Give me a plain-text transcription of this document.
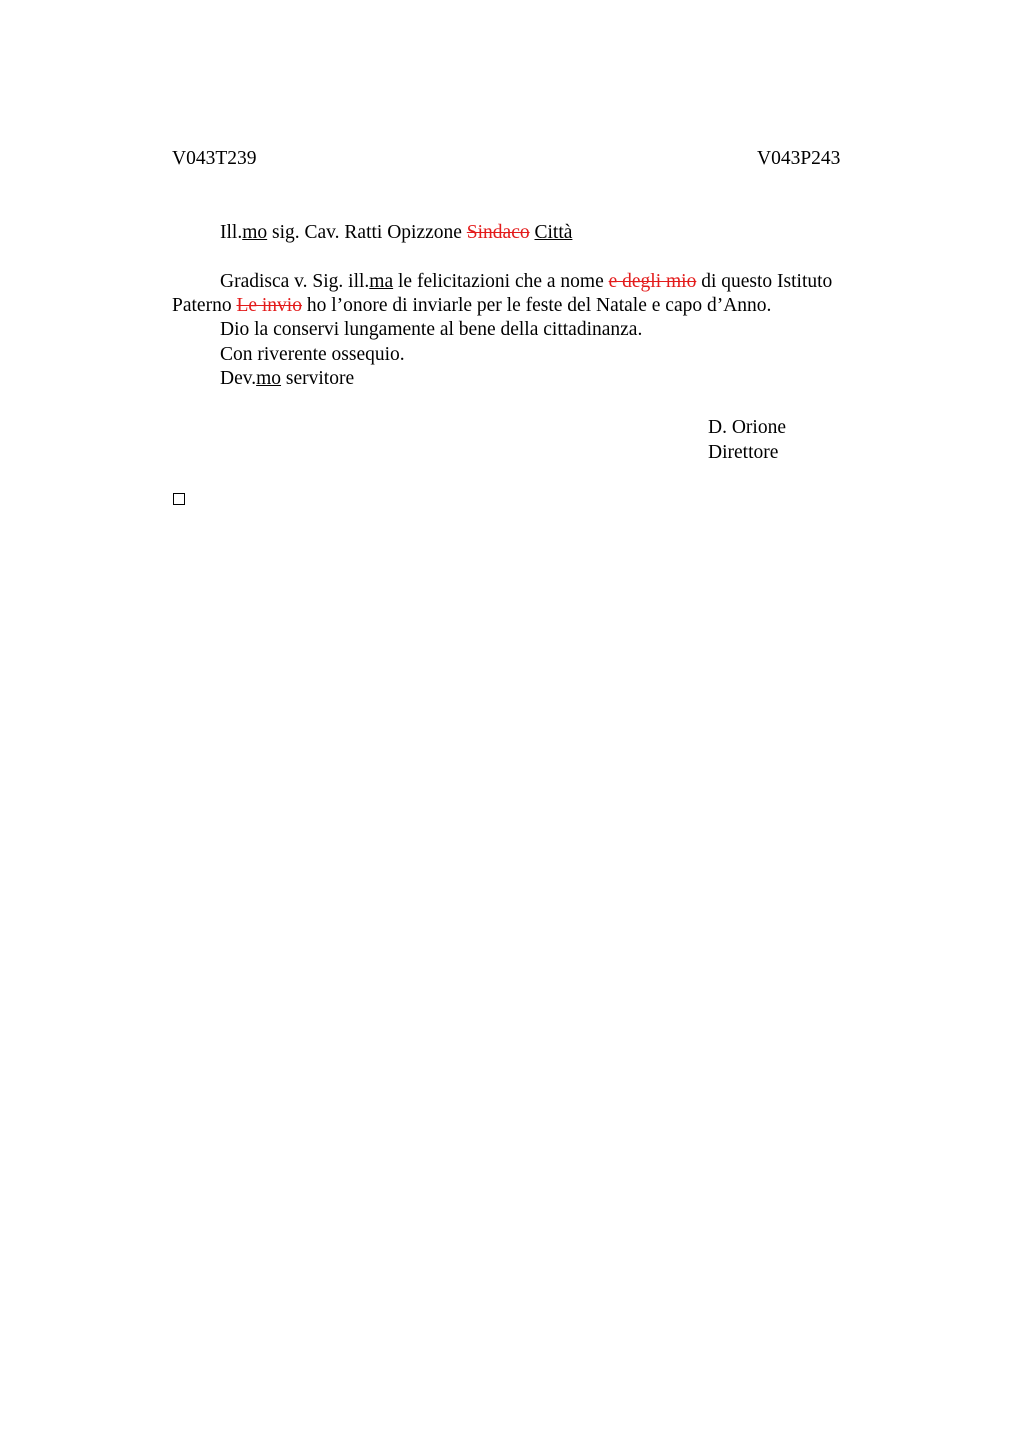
V043T239	V043P243
Ill.mo sig. Cav. Ratti Opizzone Sindaco Città
Gradisca v. Sig. ill.ma le felicitazioni che a nome e degli mio di questo Istituto
Paterno Le invio ho l’onore di inviarle per le feste del Natale e capo d’Anno.
Dio la conservi lungamente al bene della cittadinanza.
Con riverente ossequio.
Dev.mo servitore
D. Orione
Direttore
